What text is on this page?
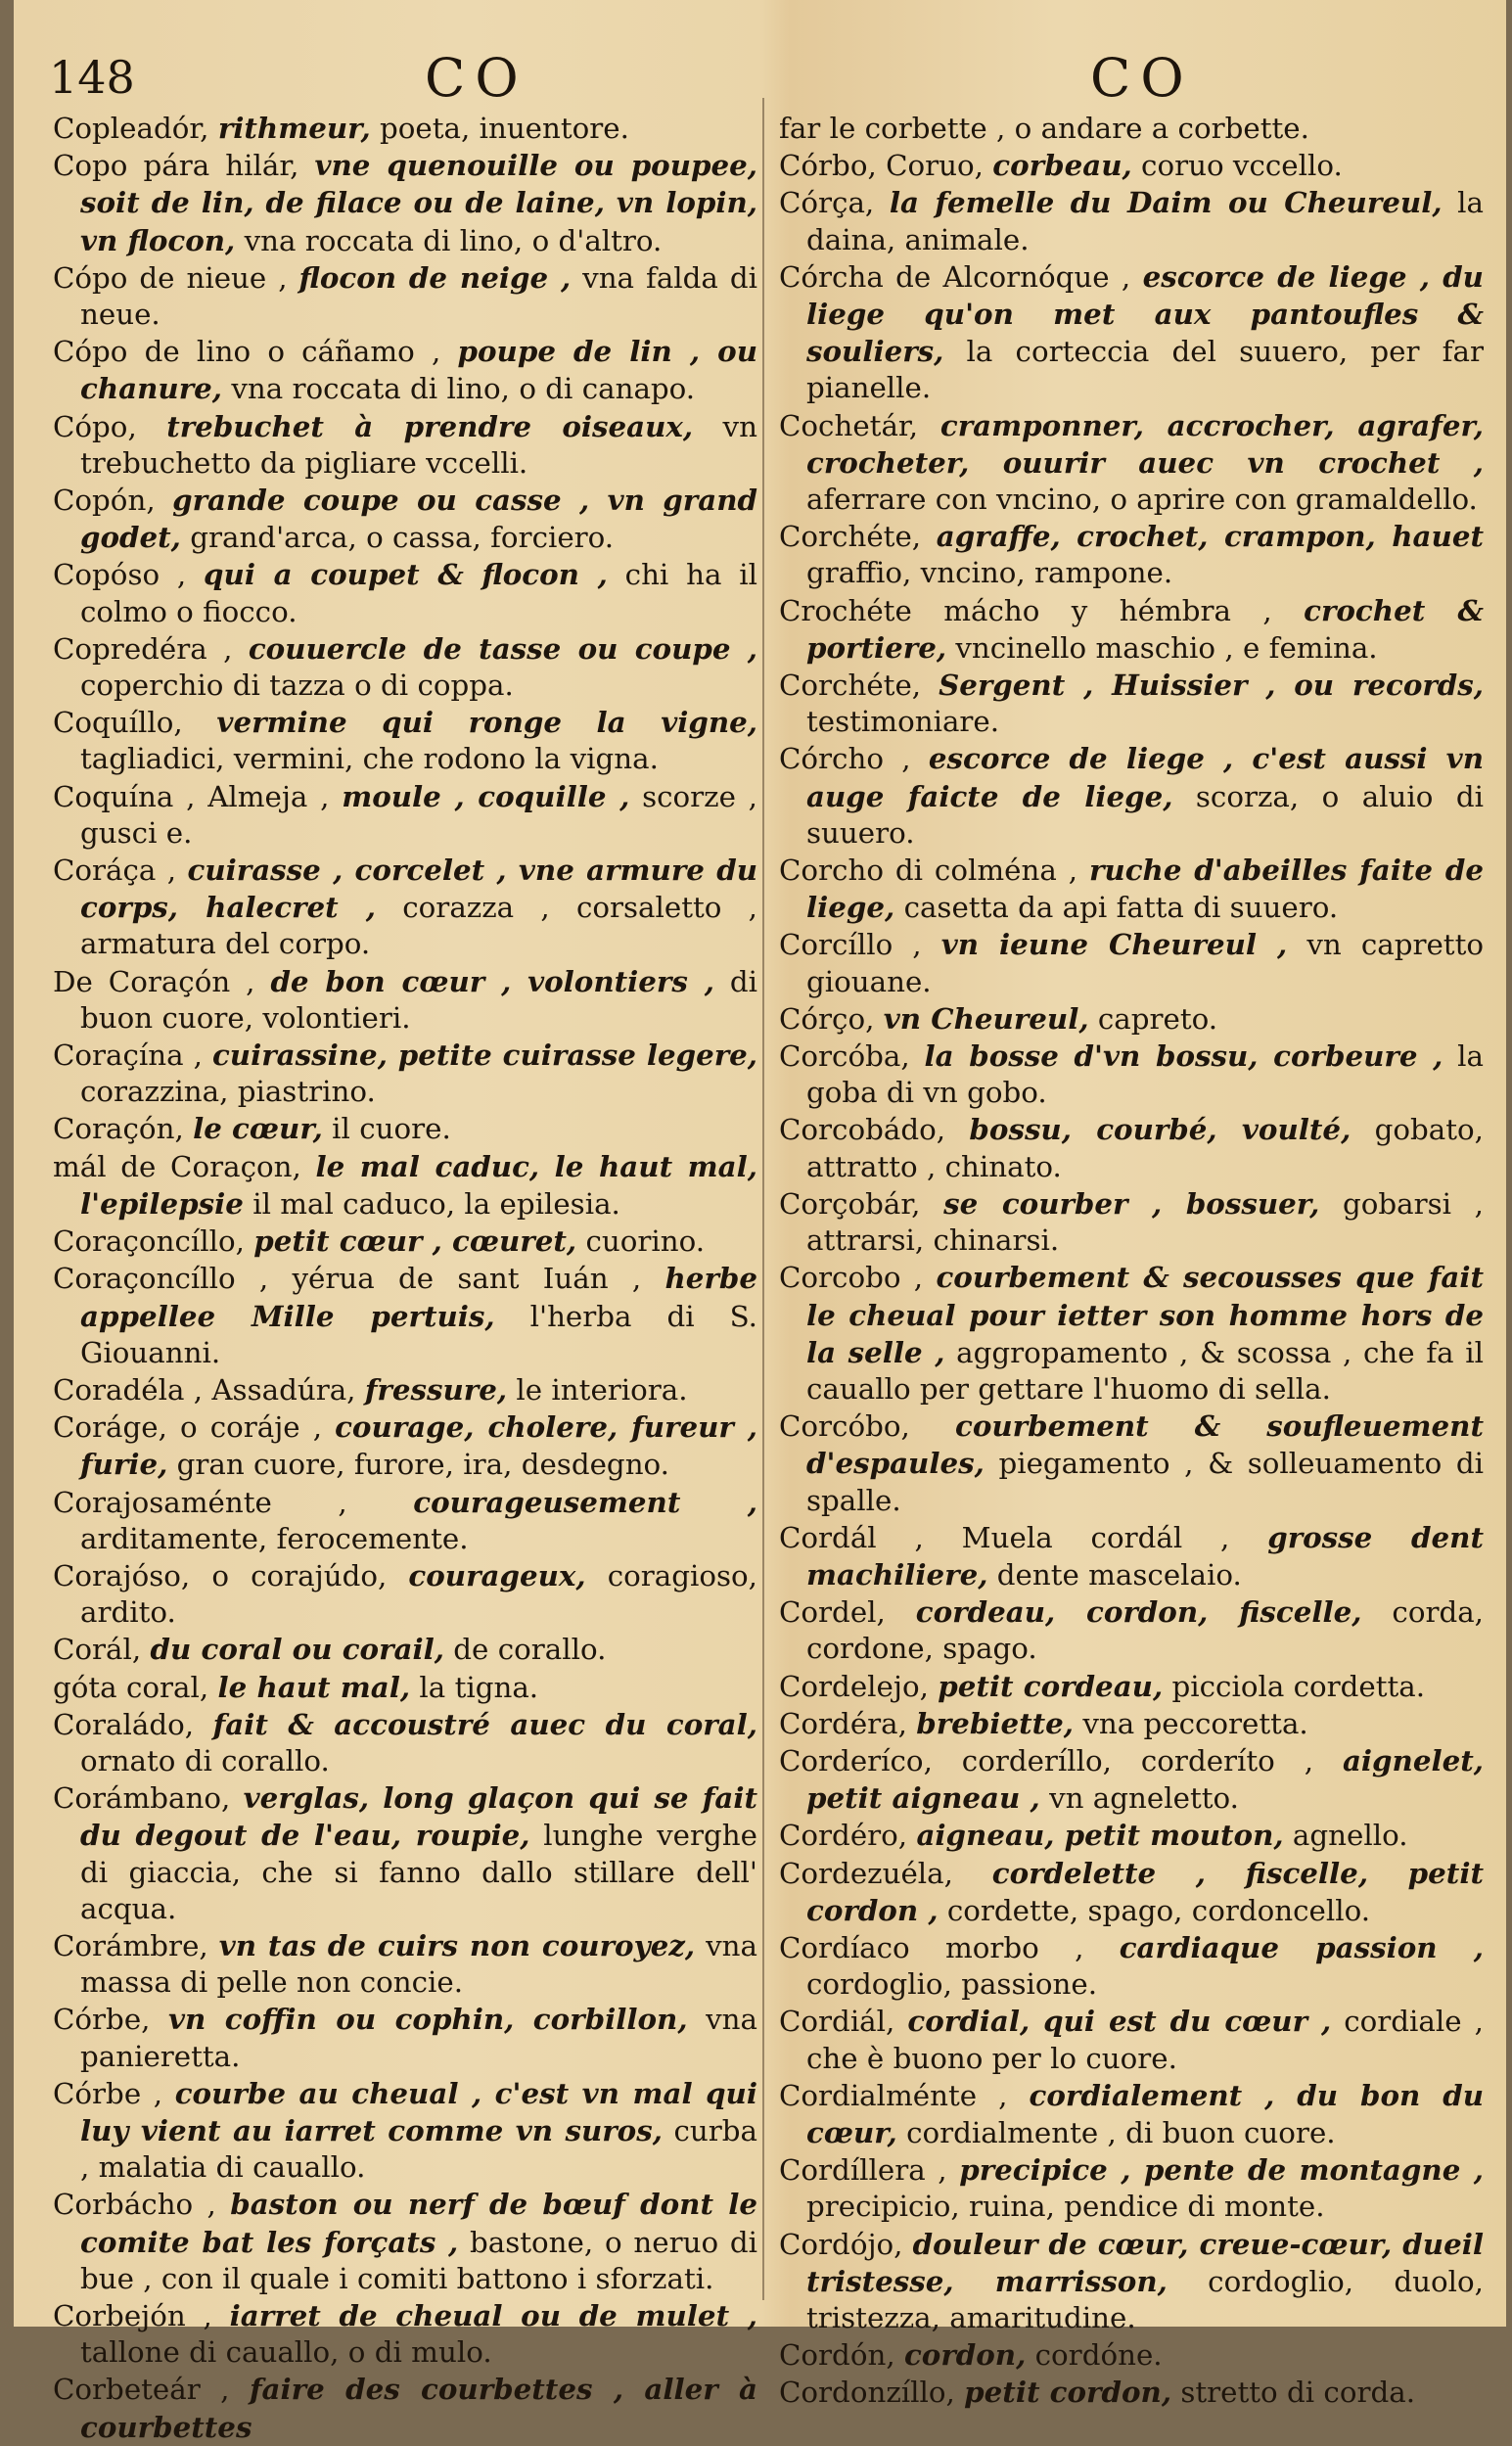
148	CO	CO

Copleadór, rithmeur, poeta, inuentore.

Copo pára hilár, vne quenouille ou poupee, soit de lin, de filace ou de laine, vn lopin, vn flocon, vna roccata di lino, o d'altro.

Cópo de nieue , flocon de neige , vna falda di neue.

Cópo de lino o cáñamo , poupe de lin , ou chanure, vna roccata di lino, o di canapo.

Cópo, trebuchet à prendre oiseaux, vn trebuchetto da pigliare vccelli.

Copón, grande coupe ou casse , vn grand godet, grand'arca, o cassa, forciero.

Copóso , qui a coupet & flocon , chi ha il colmo o fiocco.

Copredéra , couuercle de tasse ou coupe , coperchio di tazza o di coppa.

Coquíllo, vermine qui ronge la vigne, tagliadici, vermini, che rodono la vigna.

Coquína , Almeja , moule , coquille , scorze , gusci e.

Coráça , cuirasse , corcelet , vne armure du corps, halecret , corazza , corsaletto , armatura del corpo.

De Coraçón , de bon cœur , volontiers , di buon cuore, volontieri.

Coraçína , cuirassine, petite cuirasse legere, corazzina, piastrino.

Coraçón, le cœur, il cuore.

mál de Coraçon, le mal caduc, le haut mal, l'epilepsie il mal caduco, la epilesia.

Coraçoncíllo, petit cœur , cœuret, cuorino.

Coraçoncíllo , yérua de sant Iuán , herbe appellee Mille pertuis, l'herba di S. Giouanni.

Coradéla , Assadúra, fressure, le interiora.

Coráge, o coráje , courage, cholere, fureur , furie, gran cuore, furore, ira, desdegno.

Corajosaménte , courageusement , arditamente, ferocemente.

Corajóso, o corajúdo, courageux, coragioso, ardito.

Corál, du coral ou corail, de corallo.

góta coral, le haut mal, la tigna.

Coraládo, fait & accoustré auec du coral, ornato di corallo.

Corámbano, verglas, long glaçon qui se fait du degout de l'eau, roupie, lunghe verghe di giaccia, che si fanno dallo stillare dell' acqua.

Corámbre, vn tas de cuirs non couroyez, vna massa di pelle non concie.

Córbe, vn coffin ou cophin, corbillon, vna panieretta.

Córbe , courbe au cheual , c'est vn mal qui luy vient au iarret comme vn suros, curba , malatia di cauallo.

Corbácho , baston ou nerf de bœuf dont le comite bat les forçats , bastone, o neruo di bue , con il quale i comiti battono i sforzati.

Corbejón , iarret de cheual ou de mulet , tallone di cauallo, o di mulo.

Corbeteár , faire des courbettes , aller à courbettes

far le corbette , o andare a corbette.

Córbo, Coruo, corbeau, coruo vccello.

Córça, la femelle du Daim ou Cheureul, la daina, animale.

Córcha de Alcornóque , escorce de liege , du liege qu'on met aux pantoufles & souliers, la corteccia del suuero, per far pianelle.

Cochetár, cramponner, accrocher, agrafer, crocheter, ouurir auec vn crochet , aferrare con vncino, o aprire con gramaldello.

Corchéte, agraffe, crochet, crampon, hauet graffio, vncino, rampone.

Crochéte mácho y hémbra , crochet & portiere, vncinello maschio , e femina.

Corchéte, Sergent , Huissier , ou records, testimoniare.

Córcho , escorce de liege , c'est aussi vn auge faicte de liege, scorza, o aluio di suuero.

Corcho di colména , ruche d'abeilles faite de liege, casetta da api fatta di suuero.

Corcíllo , vn ieune Cheureul , vn capretto giouane.

Córço, vn Cheureul, capreto.

Corcóba, la bosse d'vn bossu, corbeure , la goba di vn gobo.

Corcobádo, bossu, courbé, voulté, gobato, attratto , chinato.

Corçobár, se courber , bossuer, gobarsi , attrarsi, chinarsi.

Corcobo , courbement & secousses que fait le cheual pour ietter son homme hors de la selle , aggropamento , & scossa , che fa il cauallo per gettare l'huomo di sella.

Corcóbo, courbement & soufleuement d'espaules, piegamento , & solleuamento di spalle.

Cordál , Muela cordál , grosse dent machiliere, dente mascelaio.

Cordel, cordeau, cordon, fiscelle, corda, cordone, spago.

Cordelejo, petit cordeau, picciola cordetta.

Cordéra, brebiette, vna peccoretta.

Corderíco, corderíllo, corderíto , aignelet, petit aigneau , vn agneletto.

Cordéro, aigneau, petit mouton, agnello.

Cordezuéla, cordelette , fiscelle, petit cordon , cordette, spago, cordoncello.

Cordíaco morbo , cardiaque passion , cordoglio, passione.

Cordiál, cordial, qui est du cœur , cordiale , che è buono per lo cuore.

Cordialménte , cordialement , du bon du cœur, cordialmente , di buon cuore.

Cordíllera , precipice , pente de montagne , precipicio, ruina, pendice di monte.

Cordójo, douleur de cœur, creue-cœur, dueil tristesse, marrisson, cordoglio, duolo, tristezza, amaritudine.

Cordón, cordon, cordóne.

Cordonzíllo, petit cordon, stretto di corda.
